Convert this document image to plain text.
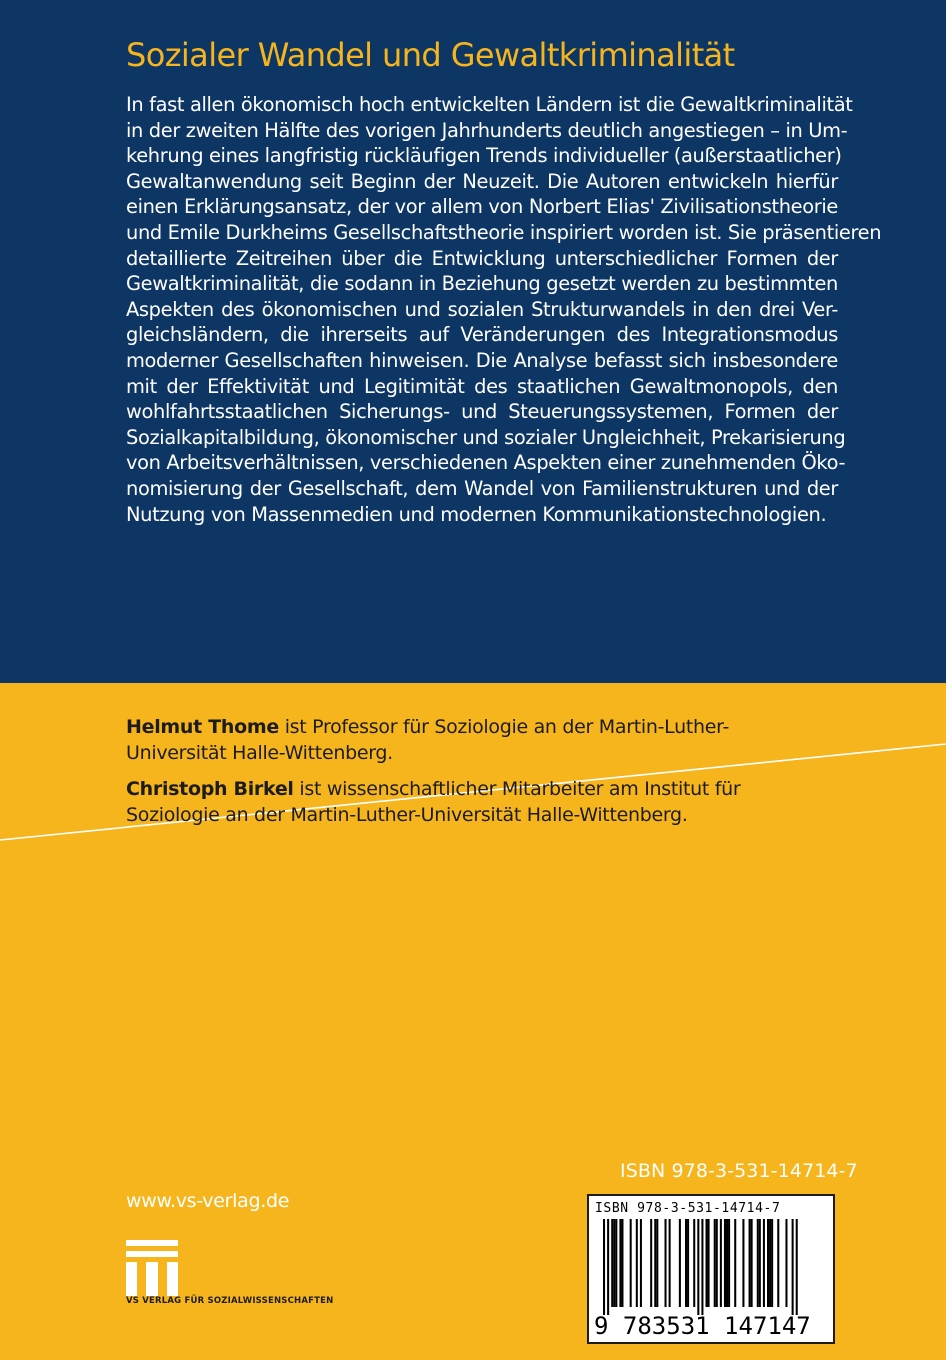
Sozialer Wandel und Gewaltkriminalität
In fast allen ökonomisch hoch entwickelten Ländern ist die Gewaltkriminalität
in der zweiten Hälfte des vorigen Jahrhunderts deutlich angestiegen – in Um-
kehrung eines langfristig rückläufigen Trends individueller (außerstaatlicher)
Gewaltanwendung seit Beginn der Neuzeit. Die Autoren entwickeln hierfür
einen Erklärungsansatz, der vor allem von Norbert Elias' Zivilisationstheorie
und Emile Durkheims Gesellschaftstheorie inspiriert worden ist. Sie präsentieren
detaillierte Zeitreihen über die Entwicklung unterschiedlicher Formen der
Gewaltkriminalität, die sodann in Beziehung gesetzt werden zu bestimmten
Aspekten des ökonomischen und sozialen Strukturwandels in den drei Ver-
gleichsländern, die ihrerseits auf Veränderungen des Integrationsmodus
moderner Gesellschaften hinweisen. Die Analyse befasst sich insbesondere
mit der Effektivität und Legitimität des staatlichen Gewaltmonopols, den
wohlfahrtsstaatlichen Sicherungs- und Steuerungssystemen, Formen der
Sozialkapitalbildung, ökonomischer und sozialer Ungleichheit, Prekarisierung
von Arbeitsverhältnissen, verschiedenen Aspekten einer zunehmenden Öko-
nomisierung der Gesellschaft, dem Wandel von Familienstrukturen und der
Nutzung von Massenmedien und modernen Kommunikationstechnologien.

Helmut Thome ist Professor für Soziologie an der Martin-Luther-
Universität Halle-Wittenberg.

Christoph Birkel ist wissenschaftlicher Mitarbeiter am Institut für
Soziologie an der Martin-Luther-Universität Halle-Wittenberg.

ISBN 978-3-531-14714-7
www.vs-verlag.de
VS VERLAG FÜR SOZIALWISSENSCHAFTEN
ISBN 978-3-531-14714-7
9 783531 147147
